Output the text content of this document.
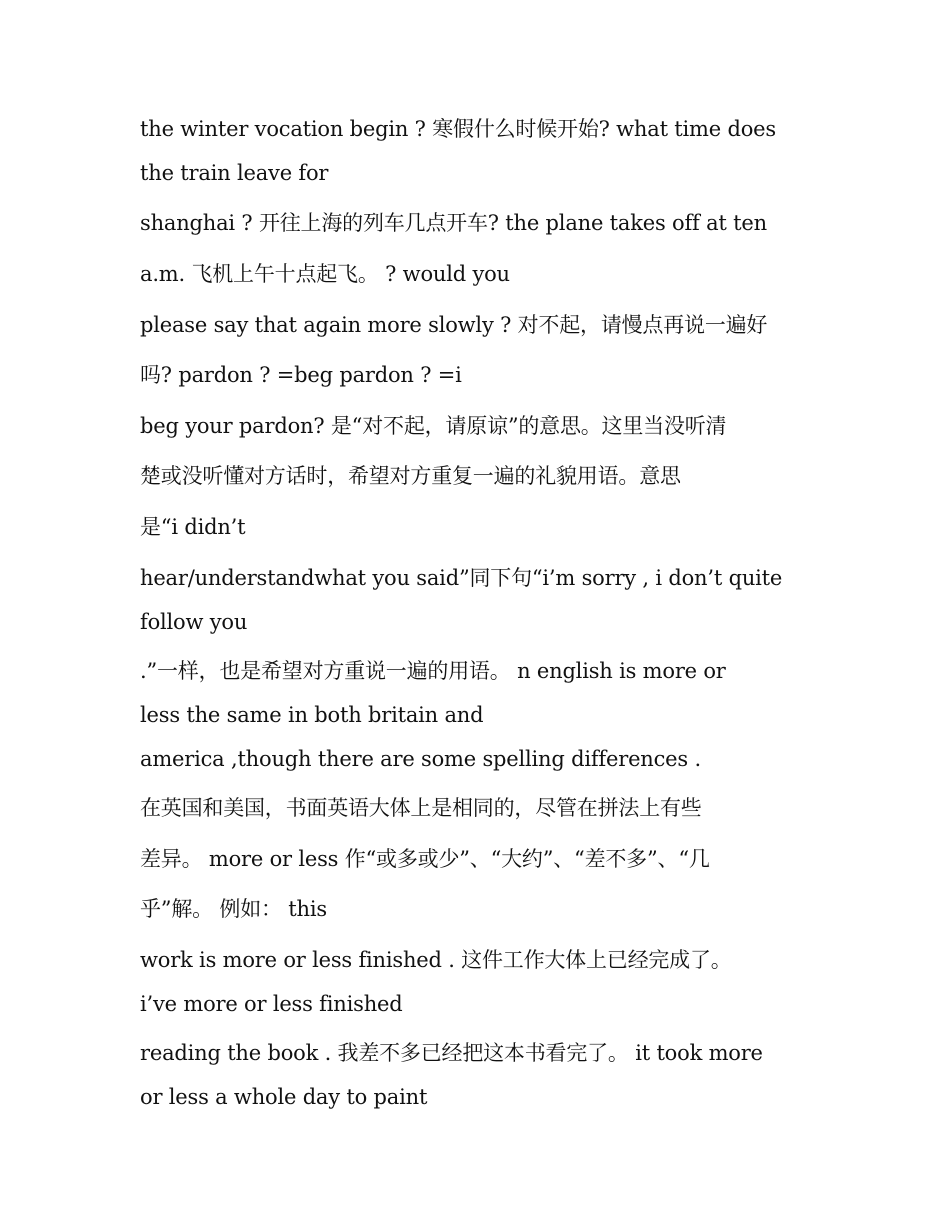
the winter vocation begin ? 寒假什么时候开始? what time does
the train leave for
shanghai ? 开往上海的列车几点开车? the plane takes off at ten
a.m. 飞机上午十点起飞。 ? would you
please say that again more slowly ? 对不起，请慢点再说一遍好
吗? pardon ? =beg pardon ? =i
beg your pardon? 是“对不起，请原谅”的意思。这里当没听清
楚或没听懂对方话时，希望对方重复一遍的礼貌用语。意思
是“i didn’t
hear/understandwhat you said”同下句“i’m sorry , i don’t quite
follow you
.”一样，也是希望对方重说一遍的用语。 n english is more or
less the same in both britain and
america ,though there are some spelling differences .
在英国和美国，书面英语大体上是相同的，尽管在拼法上有些
差异。 more or less 作“或多或少”、“大约”、“差不多”、“几
乎”解。 例如： this
work is more or less finished . 这件工作大体上已经完成了。
i’ve more or less finished
reading the book . 我差不多已经把这本书看完了。 it took more
or less a whole day to paint
